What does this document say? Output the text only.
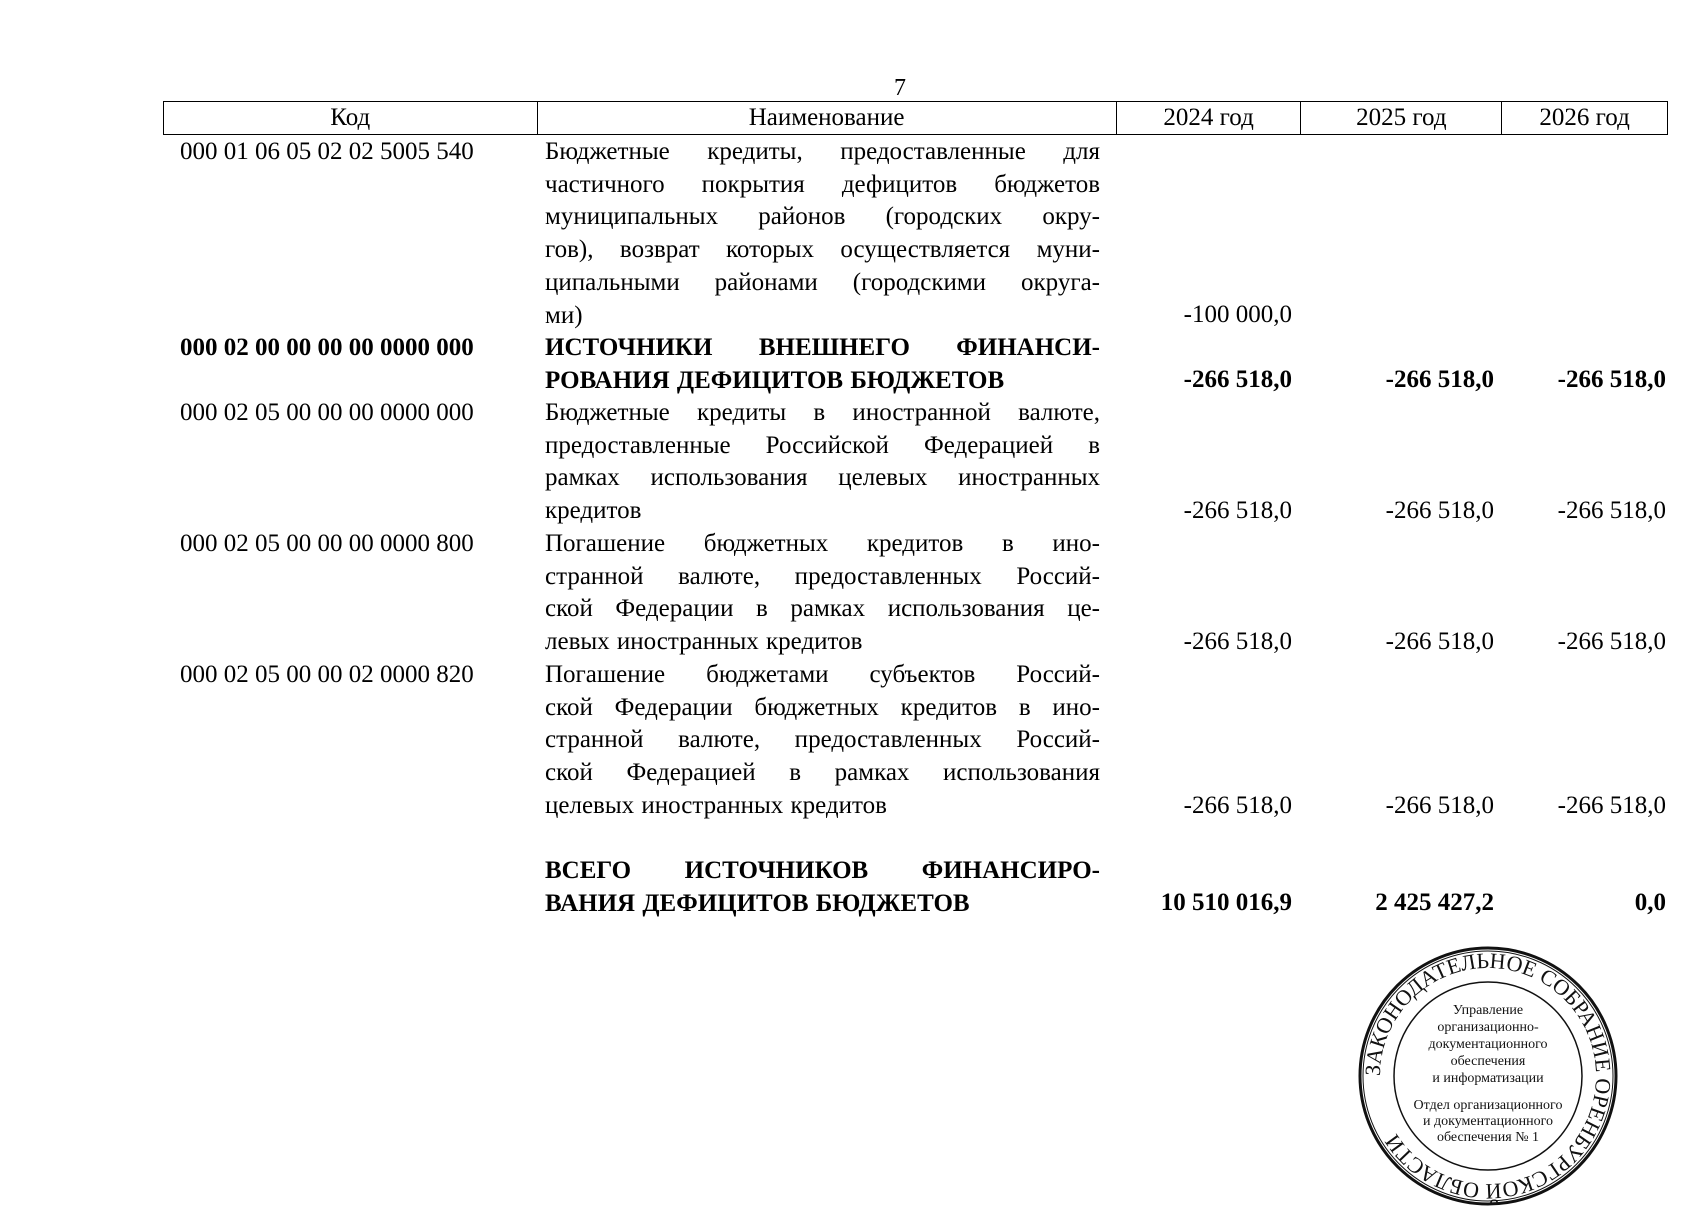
7
Код	Наименование	2024 год	2025 год	2026 год
000 01 06 05 02 02 5005 540	Бюджетные кредиты, предоставленные для
частичного покрытия дефицитов бюджетов
муниципальных районов (городских окру-
гов), возврат которых осуществляется муни-
ципальными районами (городскими округа-
ми)	-100 000,0
000 02 00 00 00 00 0000 000	ИСТОЧНИКИ ВНЕШНЕГО ФИНАНСИ-
РОВАНИЯ ДЕФИЦИТОВ БЮДЖЕТОВ	-266 518,0	-266 518,0	-266 518,0
000 02 05 00 00 00 0000 000	Бюджетные кредиты в иностранной валюте,
предоставленные Российской Федерацией в
рамках использования целевых иностранных
кредитов	-266 518,0	-266 518,0	-266 518,0
000 02 05 00 00 00 0000 800	Погашение бюджетных кредитов в ино-
странной валюте, предоставленных Россий-
ской Федерации в рамках использования це-
левых иностранных кредитов	-266 518,0	-266 518,0	-266 518,0
000 02 05 00 00 02 0000 820	Погашение бюджетами субъектов Россий-
ской Федерации бюджетных кредитов в ино-
странной валюте, предоставленных Россий-
ской Федерацией в рамках использования
целевых иностранных кредитов	-266 518,0	-266 518,0	-266 518,0
ВСЕГО ИСТОЧНИКОВ ФИНАНСИРО-
ВАНИЯ ДЕФИЦИТОВ БЮДЖЕТОВ	10 510 016,9	2 425 427,2	0,0
ЗАКОНОДАТЕЛЬНОЕ СОБРАНИЕ ОРЕНБУРГСКОЙ ОБЛАСТИ
Управление
организационно-
документационного
обеспечения
и информатизации
Отдел организационного
и документационного
обеспечения № 1
